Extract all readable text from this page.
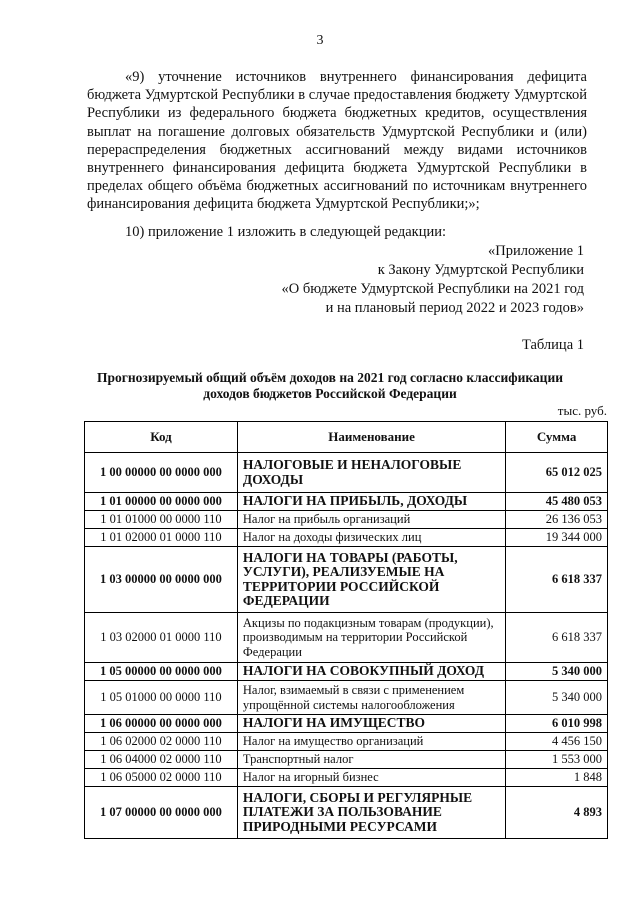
3
«9) уточнение источников внутреннего финансирования дефицита бюджета Удмуртской Республики в случае предоставления бюджету Удмуртской Республики из федерального бюджета бюджетных кредитов, осуществления выплат на погашение долговых обязательств Удмуртской Республики и (или) перераспределения бюджетных ассигнований между видами источников внутреннего финансирования дефицита бюджета Удмуртской Республики в пределах общего объёма бюджетных ассигнований по источникам внутреннего финансирования дефицита бюджета Удмуртской Республики;»;
10) приложение 1 изложить в следующей редакции:
«Приложение 1
к Закону Удмуртской Республики
«О бюджете Удмуртской Республики на 2021 год
и на плановый период 2022 и 2023 годов»
Таблица 1
Прогнозируемый общий объём доходов на 2021 год согласно классификации
доходов бюджетов Российской Федерации
тыс. руб.
Код	Наименование	Сумма
1 00 00000 00 0000 000	НАЛОГОВЫЕ И НЕНАЛОГОВЫЕ ДОХОДЫ	65 012 025
1 01 00000 00 0000 000	НАЛОГИ НА ПРИБЫЛЬ, ДОХОДЫ	45 480 053
1 01 01000 00 0000 110	Налог на прибыль организаций	26 136 053
1 01 02000 01 0000 110	Налог на доходы физических лиц	19 344 000
1 03 00000 00 0000 000	НАЛОГИ НА ТОВАРЫ (РАБОТЫ, УСЛУГИ), РЕАЛИЗУЕМЫЕ НА ТЕРРИТОРИИ РОССИЙСКОЙ ФЕДЕРАЦИИ	6 618 337
1 03 02000 01 0000 110	Акцизы по подакцизным товарам (продукции), производимым на территории Российской Федерации	6 618 337
1 05 00000 00 0000 000	НАЛОГИ НА СОВОКУПНЫЙ ДОХОД	5 340 000
1 05 01000 00 0000 110	Налог, взимаемый в связи с применением упрощённой системы налогообложения	5 340 000
1 06 00000 00 0000 000	НАЛОГИ НА ИМУЩЕСТВО	6 010 998
1 06 02000 02 0000 110	Налог на имущество организаций	4 456 150
1 06 04000 02 0000 110	Транспортный налог	1 553 000
1 06 05000 02 0000 110	Налог на игорный бизнес	1 848
1 07 00000 00 0000 000	НАЛОГИ, СБОРЫ И РЕГУЛЯРНЫЕ ПЛАТЕЖИ ЗА ПОЛЬЗОВАНИЕ ПРИРОДНЫМИ РЕСУРСАМИ	4 893
